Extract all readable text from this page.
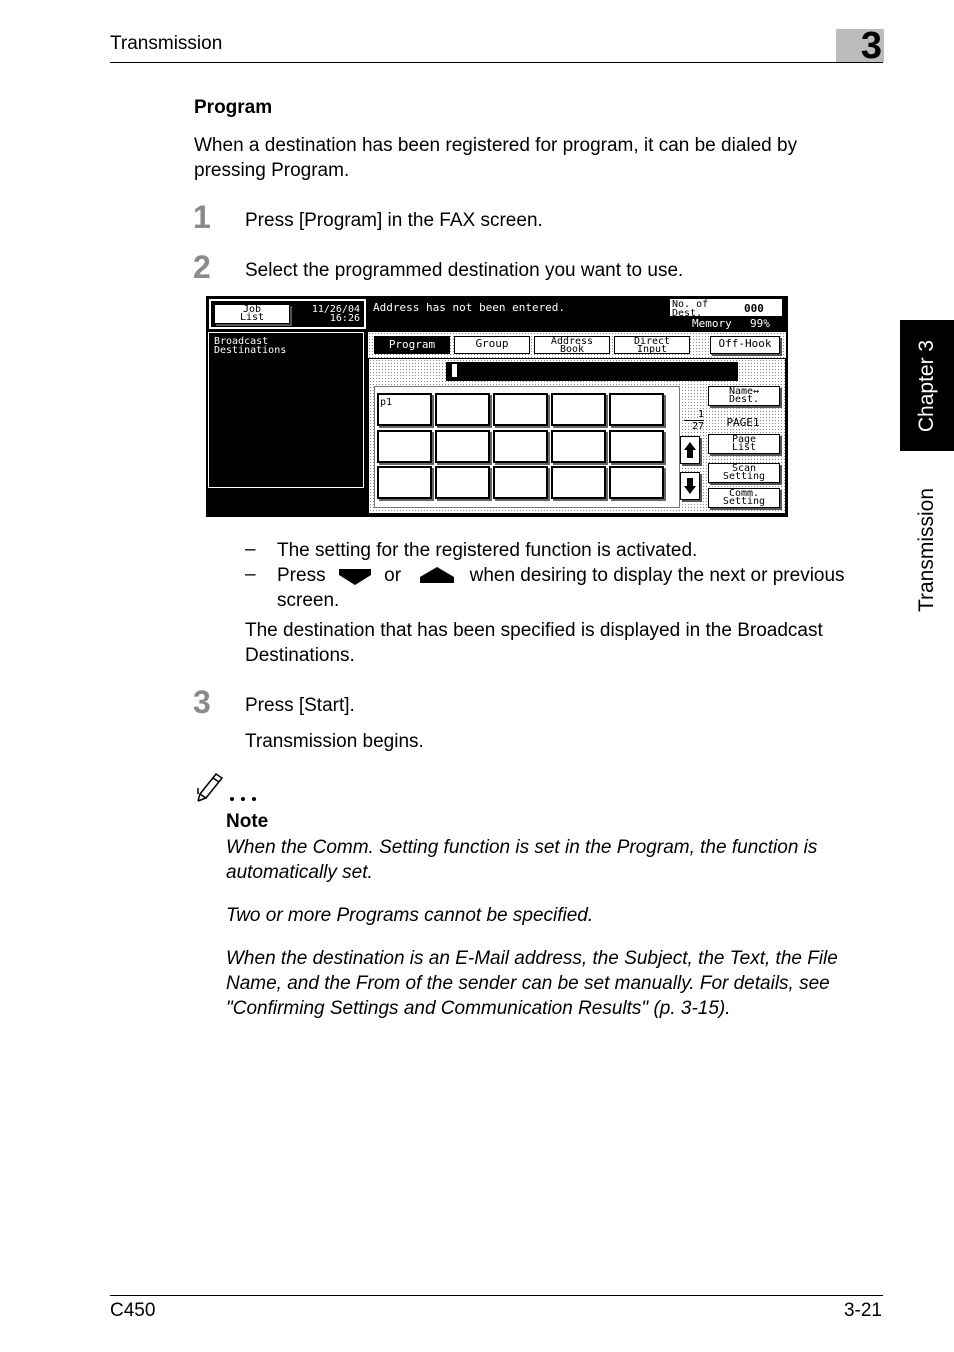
Transmission	3
Chapter 3
Transmission
Program
When a destination has been registered for program, it can be dialed by pressing Program.
1 Press [Program] in the FAX screen.
2 Select the programmed destination you want to use.
Job
List
11/26/04
16:26
Address has not been entered.	No. of
Dest.	000
Memory 99%
Broadcast
Destinations	Program	Group	Address
Book
Direct
Input	Off-Hook
p1
1
27
Name↔
Dest.
PAGE1
Page
List
Scan
Setting
Comm.
Setting
– The setting for the registered function is activated.
– Press	or	when desiring to display the next or previous
screen.
The destination that has been specified is displayed in the Broadcast Destinations.
3 Press [Start].
Transmission begins.
Note
When the Comm. Setting function is set in the Program, the function is automatically set.
Two or more Programs cannot be specified.
When the destination is an E-Mail address, the Subject, the Text, the File Name, and the From of the sender can be set manually. For details, see "Confirming Settings and Communication Results" (p. 3-15).
C450	3-21
